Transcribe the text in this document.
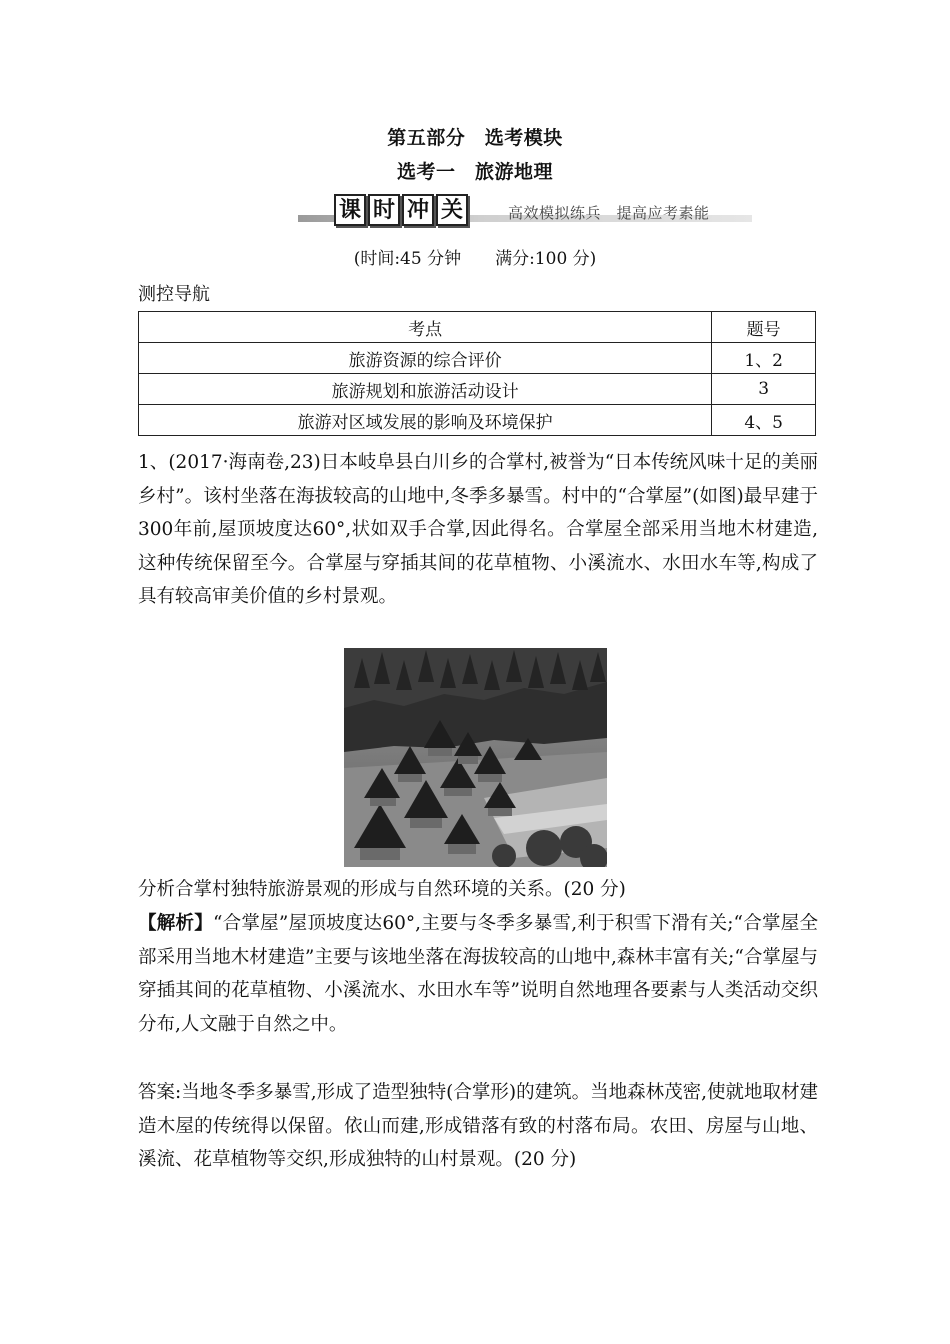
第五部分　选考模块
选考一　旅游地理
课 时 冲 关	高效模拟练兵　提高应考素能
(时间:45 分钟　　满分:100 分)
测控导航
考点	题号
旅游资源的综合评价	1、2
旅游规划和旅游活动设计	3
旅游对区域发展的影响及环境保护	4、5

1、(2017·海南卷,23)日本岐阜县白川乡的合掌村,被誉为“日本传统风味十足的美丽乡村”。该村坐落在海拔较高的山地中,冬季多暴雪。村中的“合掌屋”(如图)最早建于300年前,屋顶坡度达60°,状如双手合掌,因此得名。合掌屋全部采用当地木材建造,这种传统保留至今。合掌屋与穿插其间的花草植物、小溪流水、水田水车等,构成了具有较高审美价值的乡村景观。

分析合掌村独特旅游景观的形成与自然环境的关系。(20 分)

【解析】“合掌屋”屋顶坡度达60°,主要与冬季多暴雪,利于积雪下滑有关;“合掌屋全部采用当地木材建造”主要与该地坐落在海拔较高的山地中,森林丰富有关;“合掌屋与穿插其间的花草植物、小溪流水、水田水车等”说明自然地理各要素与人类活动交织分布,人文融于自然之中。

答案:当地冬季多暴雪,形成了造型独特(合掌形)的建筑。当地森林茂密,使就地取材建造木屋的传统得以保留。依山而建,形成错落有致的村落布局。农田、房屋与山地、溪流、花草植物等交织,形成独特的山村景观。(20 分)
